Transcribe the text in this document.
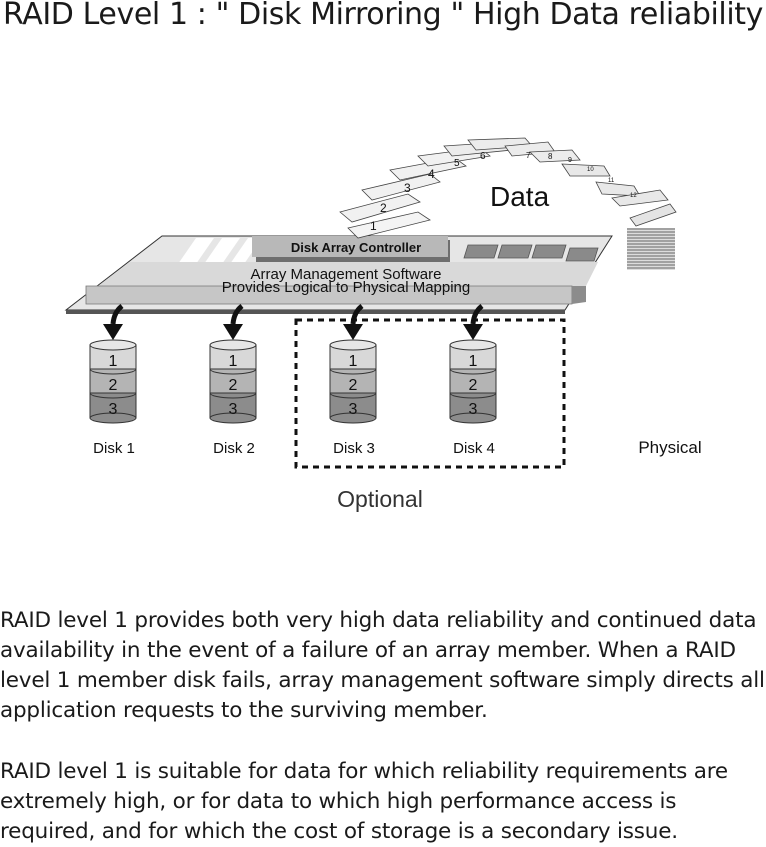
RAID Level 1 : " Disk Mirroring " High Data reliability
Disk Array Controller
Array Management Software
Provides Logical to Physical Mapping
1
2
3
4
5
6	7 8 9
10
11
12
Data
1
2
3
1
2
3
1
2
3
1
2
3
Disk 1	Disk 2	Disk 3	Disk 4	Physical
Optional

RAID level 1 provides both very high data reliability and continued data availability in the event of a failure of an array member. When a RAID level 1 member disk fails, array management software simply directs all application requests to the surviving member.

RAID level 1 is suitable for data for which reliability requirements are extremely high, or for data to which high performance access is required, and for which the cost of storage is a secondary issue.
